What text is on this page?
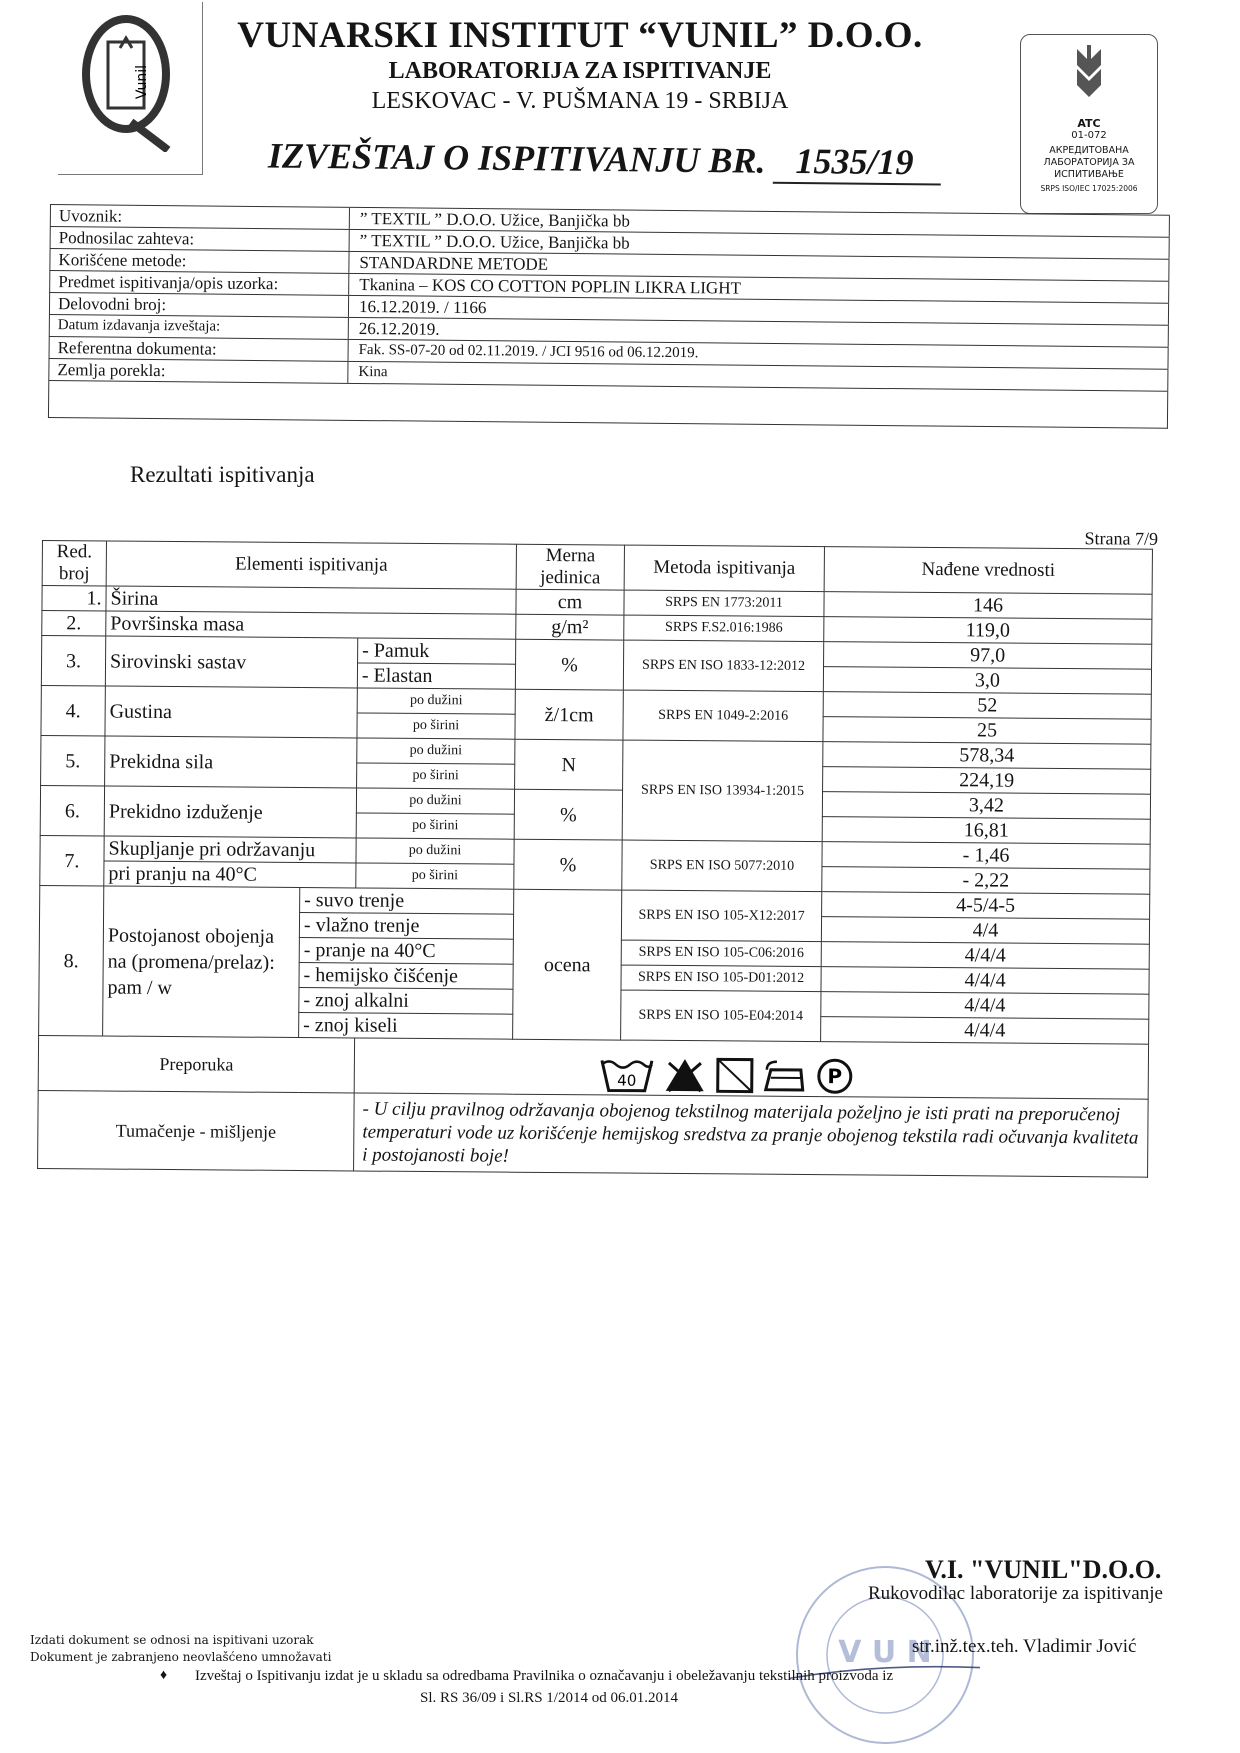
Vunil
VUNARSKI INSTITUT “VUNIL” D.O.O.
LABORATORIJA ZA ISPITIVANJE
LESKOVAC - V. PUŠMANA 19 - SRBIJA
IZVEŠTAJ O ISPITIVANJU BR. 1535/19
ATC
01-072
АКРЕДИТОВАНА ЛАБОРАТОРИЈА ЗА ИСПИТИВАЊЕ
SRPS ISO/IEC 17025:2006
Uvoznik:	” TEXTIL ” D.O.O. Užice, Banjička bb
Podnosilac zahteva:	” TEXTIL ” D.O.O. Užice, Banjička bb
Korišćene metode:	STANDARDNE METODE
Predmet ispitivanja/opis uzorka:	Tkanina – KOS CO COTTON POPLIN LIKRA LIGHT
Delovodni broj:	16.12.2019. / 1166
Datum izdavanja izveštaja:	26.12.2019.
Referentna dokumenta:	Fak. SS-07-20 od 02.11.2019. / JCI 9516 od 06.12.2019.
Zemlja porekla:	Kina
Rezultati ispitivanja
Strana 7/9
Red. broj	Elementi ispitivanja			Merna jedinica	Metoda ispitivanja	Nađene vrednosti

1.	Širina			cm	SRPS EN 1773:2011	146
2.	Površinska masa			g/m²	SRPS F.S2.016:1986	119,0
3.	Sirovinski sastav		- Pamuk	%	SRPS EN ISO 1833-12:2012	97,0
			- Elastan			3,0
4.	Gustina		po dužini	ž/1cm	SRPS EN 1049-2:2016	52
			po širini			25
5.	Prekidna sila		po dužini	N	SRPS EN ISO 13934-1:2015	578,34
			po širini			224,19
6.	Prekidno izduženje		po dužini	%		3,42
			po širini			16,81
7.	Skupljanje pri održavanju		po dužini	%	SRPS EN ISO 5077:2010	- 1,46
	pri pranju na 40°C		po širini			- 2,22
8.	Postojanost obojenja na (promena/prelaz): pam / w	- suvo trenje		ocena	SRPS EN ISO 105-X12:2017	4-5/4-5
		- vlažno trenje				4/4
		- pranje na 40°C			SRPS EN ISO 105-C06:2016	4/4/4
		- hemijsko čišćenje			SRPS EN ISO 105-D01:2012	4/4/4
		- znoj alkalni			SRPS EN ISO 105-E04:2014	4/4/4
		- znoj kiseli				4/4/4
Preporuka			40 P			

Tumačenje - mišljenje			- U cilju pravilnog održavanja obojenog tekstilnog materijala poželjno je isti prati na preporučenoj temperaturi vode uz korišćenje hemijskog sredstva za pranje obojenog tekstila radi očuvanja kvaliteta i postojanosti boje!			
V U N
V.I. "VUNIL"D.O.O.
Rukovodilac laboratorije za ispitivanje
str.inž.tex.teh. Vladimir Jović
Izdati dokument se odnosi na ispitivani uzorak
Dokument je zabranjeno neovlašćeno umnožavati
♦ Izveštaj o Ispitivanju izdat je u skladu sa odredbama Pravilnika o označavanju i obeležavanju tekstilnih proizvoda iz
Sl. RS 36/09 i Sl.RS 1/2014 od 06.01.2014
